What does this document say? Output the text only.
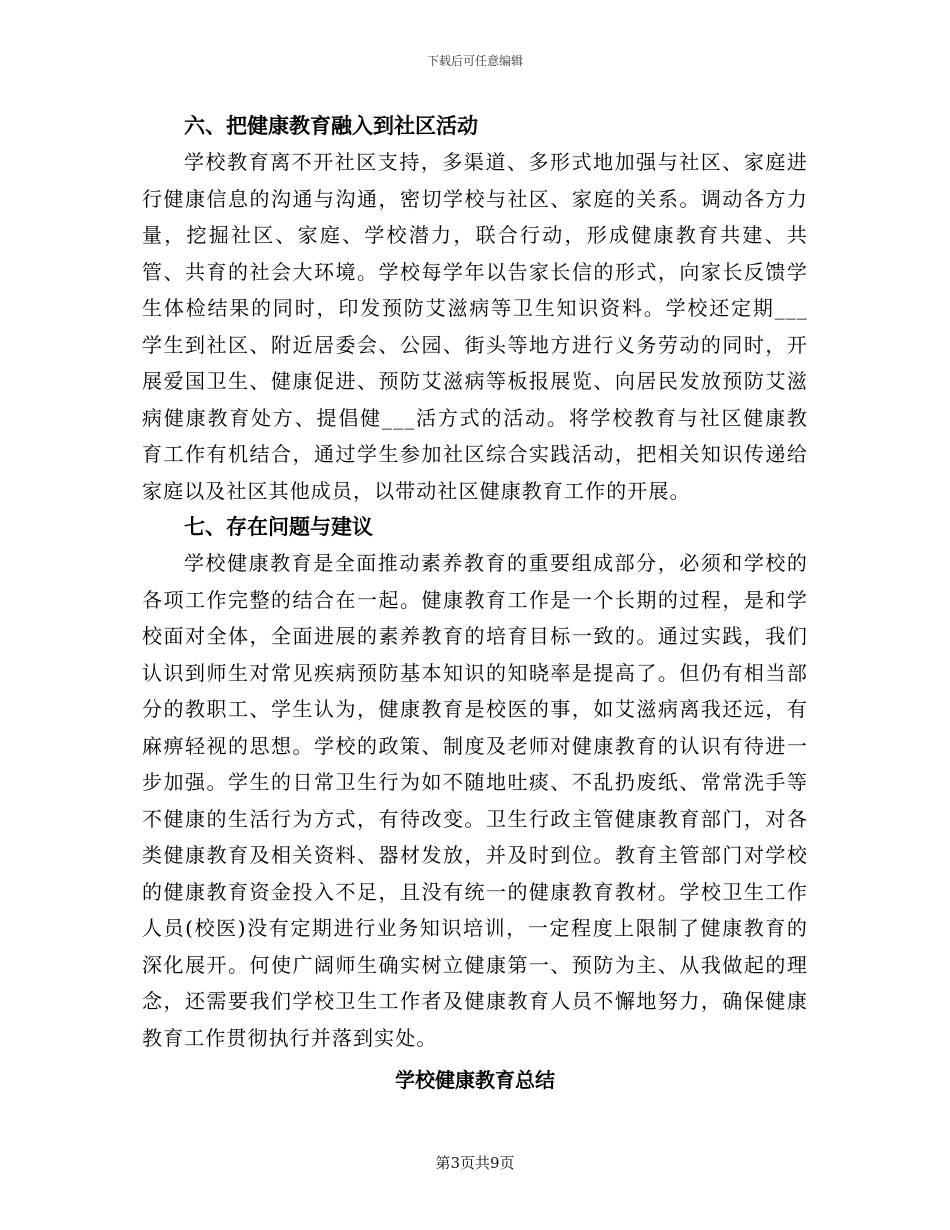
下载后可任意编辑

六、把健康教育融入到社区活动

学校教育离不开社区支持，多渠道、多形式地加强与社区、家庭进行健康信息的沟通与沟通，密切学校与社区、家庭的关系。调动各方力量，挖掘社区、家庭、学校潜力，联合行动，形成健康教育共建、共管、共育的社会大环境。学校每学年以告家长信的形式，向家长反馈学生体检结果的同时，印发预防艾滋病等卫生知识资料。学校还定期___学生到社区、附近居委会、公园、街头等地方进行义务劳动的同时，开展爱国卫生、健康促进、预防艾滋病等板报展览、向居民发放预防艾滋病健康教育处方、提倡健___活方式的活动。将学校教育与社区健康教育工作有机结合，通过学生参加社区综合实践活动，把相关知识传递给家庭以及社区其他成员，以带动社区健康教育工作的开展。

七、存在问题与建议

学校健康教育是全面推动素养教育的重要组成部分，必须和学校的各项工作完整的结合在一起。健康教育工作是一个长期的过程，是和学校面对全体，全面进展的素养教育的培育目标一致的。通过实践，我们认识到师生对常见疾病预防基本知识的知晓率是提高了。但仍有相当部分的教职工、学生认为，健康教育是校医的事，如艾滋病离我还远，有麻痹轻视的思想。学校的政策、制度及老师对健康教育的认识有待进一步加强。学生的日常卫生行为如不随地吐痰、不乱扔废纸、常常洗手等不健康的生活行为方式，有待改变。卫生行政主管健康教育部门，对各类健康教育及相关资料、器材发放，并及时到位。教育主管部门对学校的健康教育资金投入不足，且没有统一的健康教育教材。学校卫生工作人员(校医)没有定期进行业务知识培训，一定程度上限制了健康教育的深化展开。何使广阔师生确实树立健康第一、预防为主、从我做起的理念，还需要我们学校卫生工作者及健康教育人员不懈地努力，确保健康教育工作贯彻执行并落到实处。

学校健康教育总结

第3页共9页
